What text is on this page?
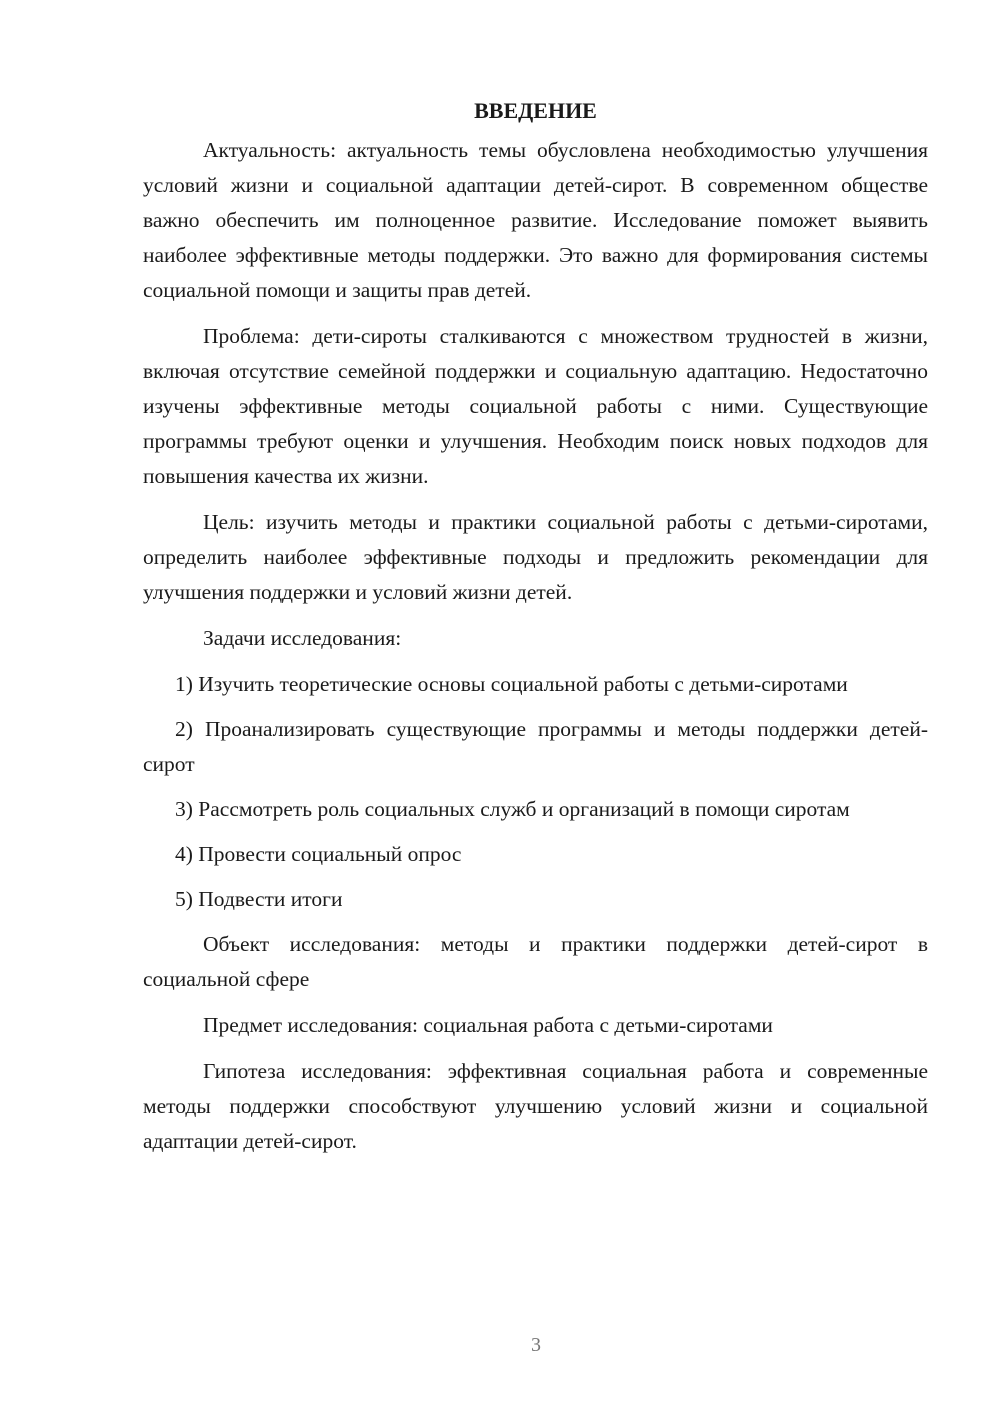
ВВЕДЕНИЕ

Актуальность: актуальность темы обусловлена необходимостью улучшения условий жизни и социальной адаптации детей-сирот. В современном обществе важно обеспечить им полноценное развитие. Исследование поможет выявить наиболее эффективные методы поддержки. Это важно для формирования системы социальной помощи и защиты прав детей.

Проблема: дети-сироты сталкиваются с множеством трудностей в жизни, включая отсутствие семейной поддержки и социальную адаптацию. Недостаточно изучены эффективные методы социальной работы с ними. Существующие программы требуют оценки и улучшения. Необходим поиск новых подходов для повышения качества их жизни.

Цель: изучить методы и практики социальной работы с детьми-сиротами, определить наиболее эффективные подходы и предложить рекомендации для улучшения поддержки и условий жизни детей.

Задачи исследования:

1) Изучить теоретические основы социальной работы с детьми-сиротами

2) Проанализировать существующие программы и методы поддержки детей-сирот

3) Рассмотреть роль социальных служб и организаций в помощи сиротам

4) Провести социальный опрос

5) Подвести итоги

Объект исследования: методы и практики поддержки детей-сирот в социальной сфере

Предмет исследования: социальная работа с детьми-сиротами

Гипотеза исследования: эффективная социальная работа и современные методы поддержки способствуют улучшению условий жизни и социальной адаптации детей-сирот.

3
